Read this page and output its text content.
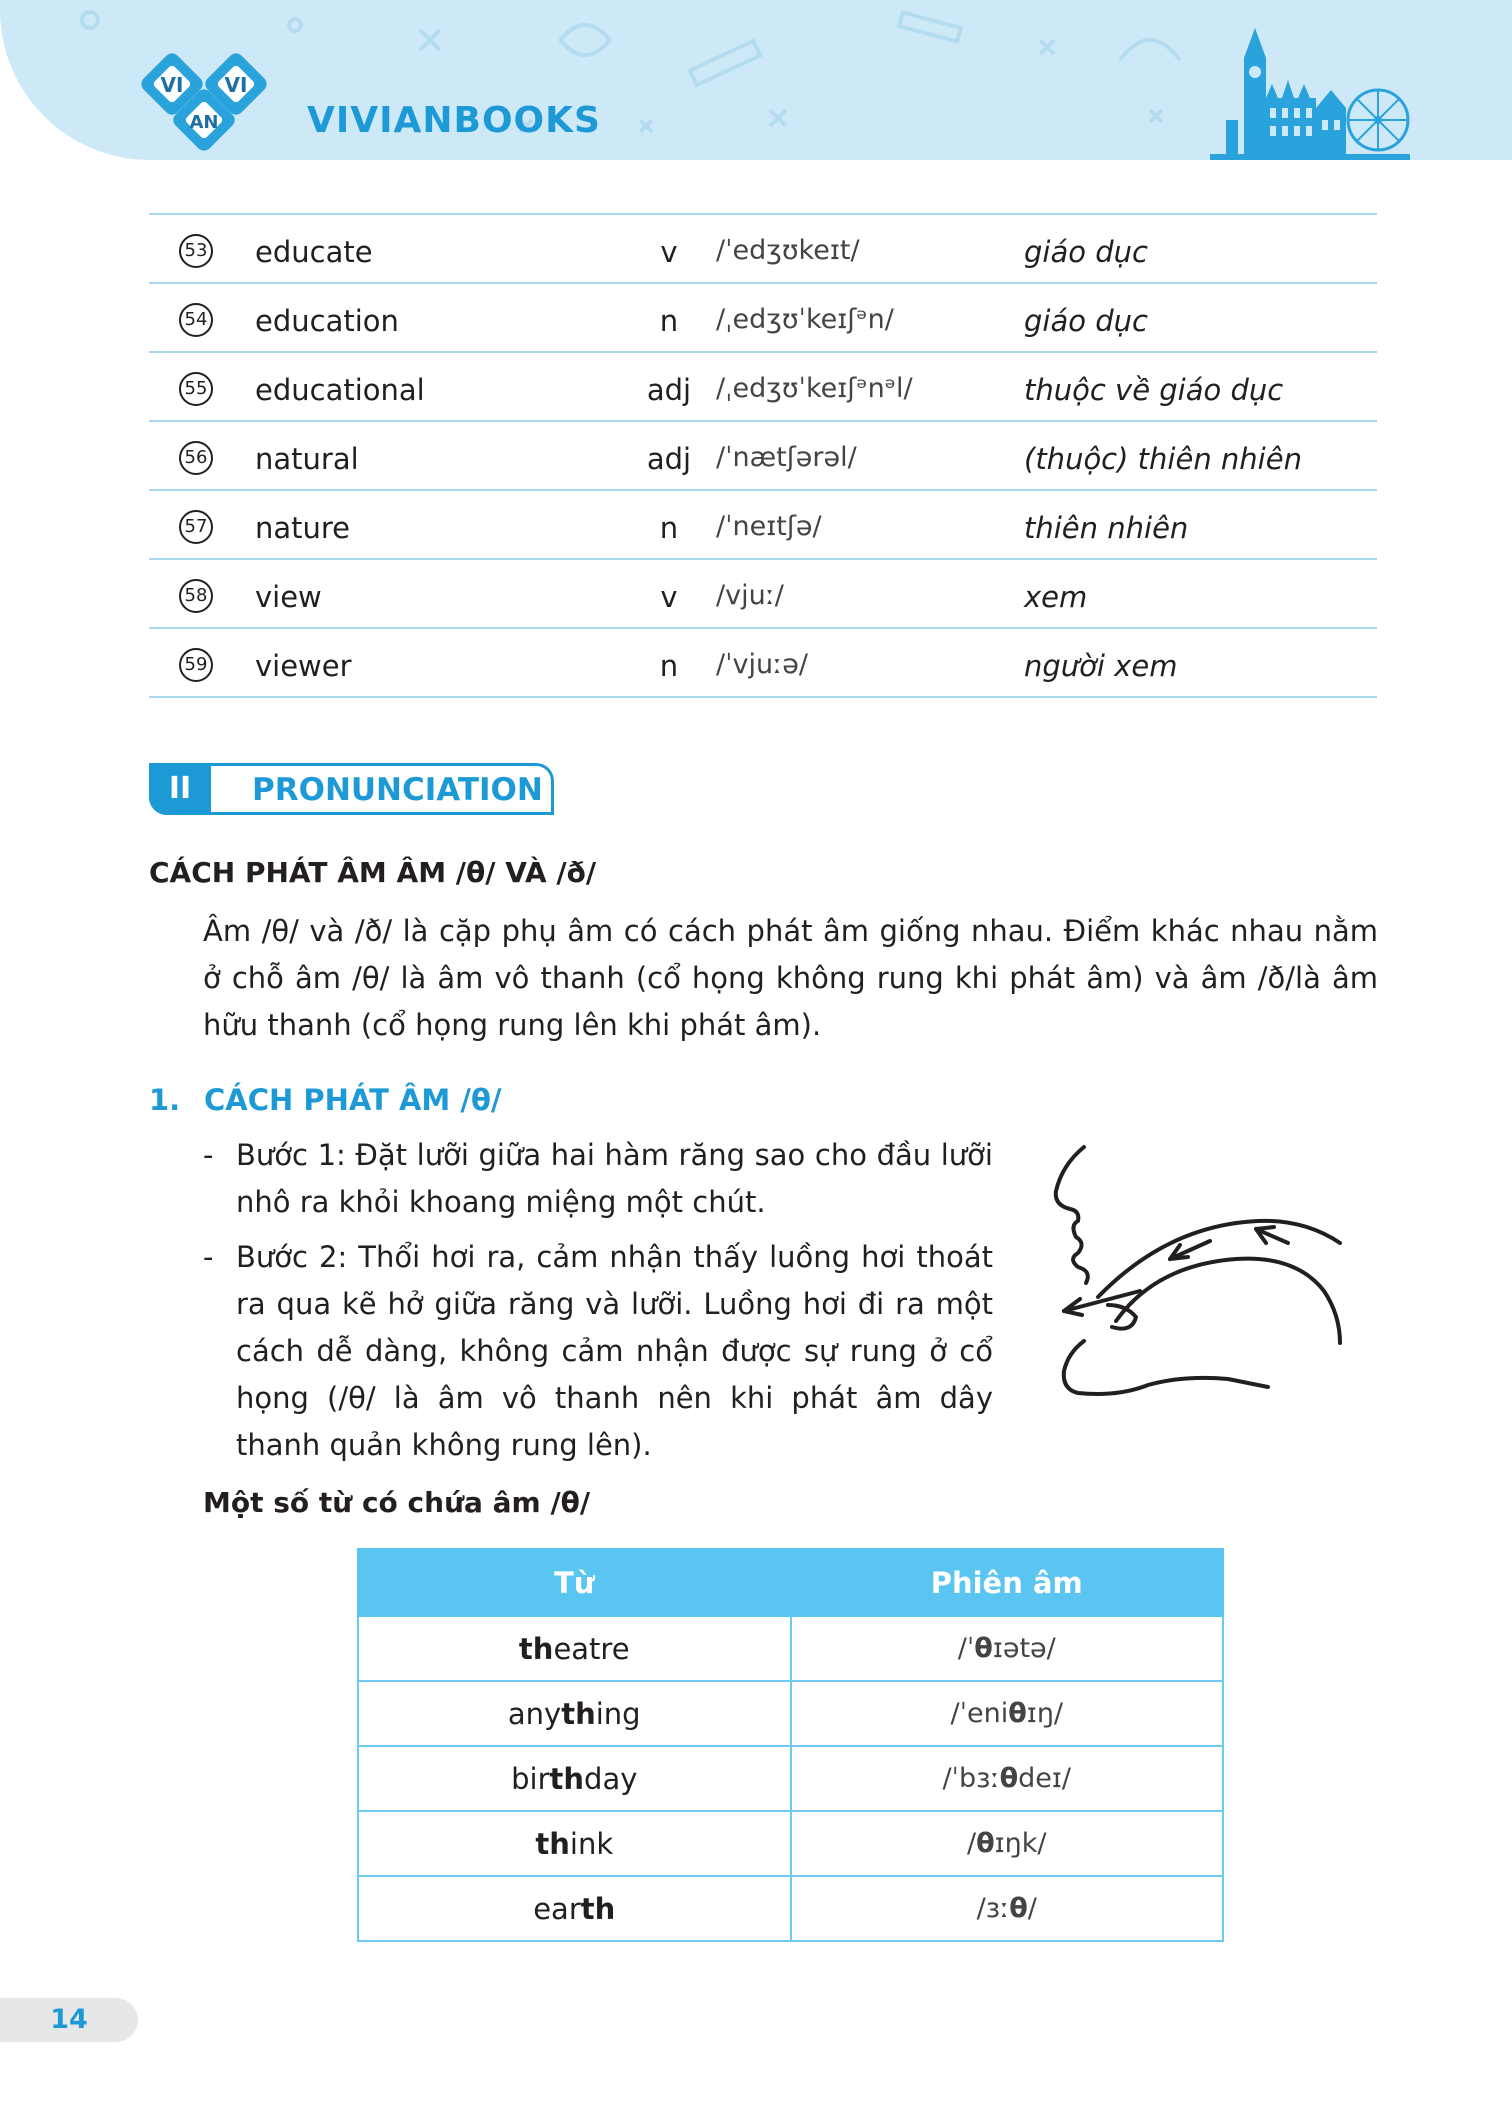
VI VI
AN VIVIANBOOKS
53 educate	v	/ˈedʒʊkeɪt/	giáo dục
54 education	n	/ˌedʒʊˈkeɪʃᵊn/	giáo dục
55 educational	adj /ˌedʒʊˈkeɪʃᵊnᵊl/	thuộc về giáo dục
56 natural	adj /ˈnætʃərəl/	(thuộc) thiên nhiên
57 nature	n	/ˈneɪtʃə/	thiên nhiên
58 view	v	/vjuː/	xem
59 viewer	n	/ˈvjuːə/	người xem
II	PRONUNCIATION
CÁCH PHÁT ÂM ÂM /θ/ VÀ /ð/
Âm /θ/ và /ð/ là cặp phụ âm có cách phát âm giống nhau. Điểm khác nhau nằm ở chỗ âm /θ/ là âm vô thanh (cổ họng không rung khi phát âm) và âm /ð/là âm hữu thanh (cổ họng rung lên khi phát âm).
1. CÁCH PHÁT ÂM /θ/
- Bước 1: Đặt lưỡi giữa hai hàm răng sao cho đầu lưỡi nhô ra khỏi khoang miệng một chút.
- Bước 2: Thổi hơi ra, cảm nhận thấy luồng hơi thoát ra qua kẽ hở giữa răng và lưỡi. Luồng hơi đi ra một cách dễ dàng, không cảm nhận được sự rung ở cổ họng (/θ/ là âm vô thanh nên khi phát âm dây thanh quản không rung lên).
Một số từ có chứa âm /θ/
Từ	Phiên âm
theatre	/ˈθɪətə/
anything	/ˈeniθɪŋ/
birthday	/ˈbɜːθdeɪ/
think	/θɪŋk/
earth	/ɜːθ/
14
